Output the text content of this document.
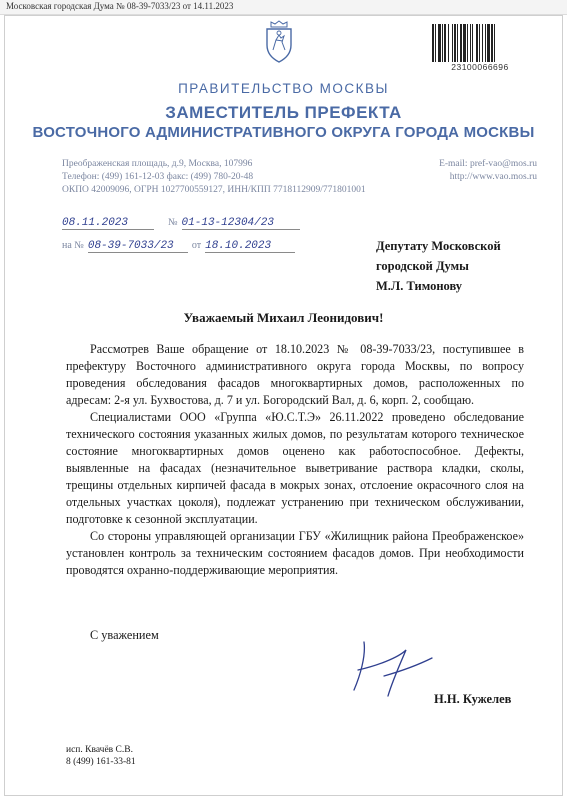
Московская городская Дума № 08-39-7033/23 от 14.11.2023
23100066696
ПРАВИТЕЛЬСТВО МОСКВЫ
ЗАМЕСТИТЕЛЬ ПРЕФЕКТА
ВОСТОЧНОГО АДМИНИСТРАТИВНОГО ОКРУГА ГОРОДА МОСКВЫ
Преображенская площадь, д.9, Москва, 107996
Телефон: (499) 161-12-03 факс: (499) 780-20-48
ОКПО 42009096, ОГРН 1027700559127, ИНН/КПП 7718112909/771801001
E-mail: pref-vao@mos.ru
http://www.vao.mos.ru
08.11.2023	№ 01-13-12304/23
на № 08-39-7033/23 от 18.10.2023	Депутату Московской
городской Думы
М.Л. Тимонову
Уважаемый Михаил Леонидович!

Рассмотрев Ваше обращение от 18.10.2023 № 08-39-7033/23, поступившее в префектуру Восточного административного округа города Москвы, по вопросу проведения обследования фасадов многоквартирных домов, расположенных по адресам: 2-я ул. Бухвостова, д. 7 и ул. Богородский Вал, д. 6, корп. 2, сообщаю.

Специалистами ООО «Группа «Ю.С.Т.Э» 26.11.2022 проведено обследование технического состояния указанных жилых домов, по результатам которого техническое состояние многоквартирных домов оценено как работоспособное. Дефекты, выявленные на фасадах (незначительное выветривание раствора кладки, сколы, трещины отдельных кирпичей фасада в мокрых зонах, отслоение окрасочного слоя на отдельных участках цоколя), подлежат устранению при техническом обслуживании, подготовке к сезонной эксплуатации.

Со стороны управляющей организации ГБУ «Жилищник района Преображенское» установлен контроль за техническим состоянием фасадов домов. При необходимости проводятся охранно-поддерживающие мероприятия.

С уважением
Н.Н. Кужелев
исп. Квачёв С.В.
8 (499) 161-33-81
